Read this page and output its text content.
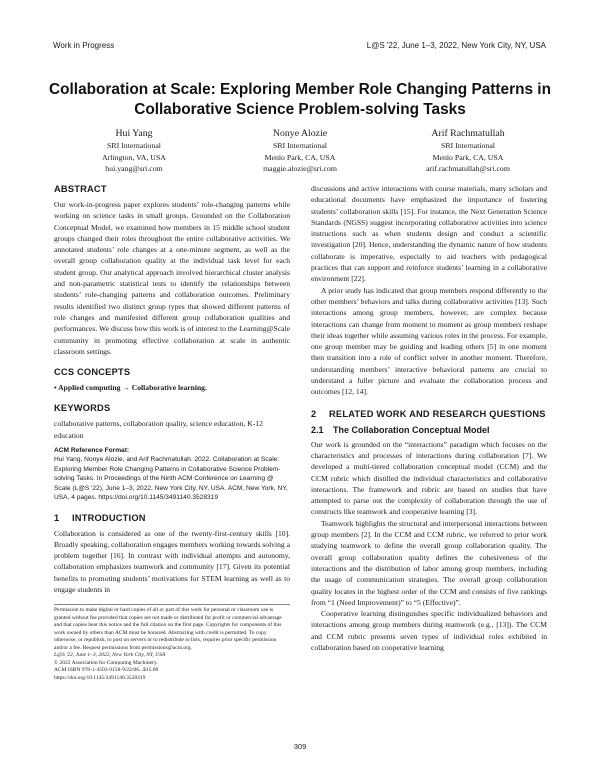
Work in Progress	L@S '22, June 1–3, 2022, New York City, NY, USA
Collaboration at Scale: Exploring Member Role Changing Patterns in Collaborative Science Problem-solving Tasks
Hui Yang
SRI International
Arlington, VA, USA
hui.yang@sri.com
Nonye Alozie
SRI International
Menlo Park, CA, USA
maggie.alozie@sri.com
Arif Rachmatullah
SRI International
Menlo Park, CA, USA
arif.rachmatullah@sri.com
ABSTRACT

Our work-in-progress paper explores students’ role-changing patterns while working on science tasks in small groups. Grounded on the Collaboration Conceptual Model, we examined how members in 15 middle school student groups changed their roles throughout the entire collaborative activities. We annotated students’ role changes at a one-minute segment, as well as the overall group collaboration quality at the individual task level for each student group. Our analytical approach involved hierarchical cluster analysis and non-parametric statistical tests to identify the relationships between students’ role-changing patterns and collaboration outcomes. Preliminary results identified two distinct group types that showed different patterns of role changes and manifested different group collaboration qualities and performances. We discuss how this work is of interest to the Learning@Scale community in promoting effective collaboration at scale in authentic classroom settings.

CCS CONCEPTS

• Applied computing → Collaborative learning.

KEYWORDS

collaborative patterns, collaboration quality, science education, K-12 education

ACM Reference Format:
Hui Yang, Nonye Alozie, and Arif Rachmatullah. 2022. Collaboration at Scale: Exploring Member Role Changing Patterns in Collaborative Science Problem-solving Tasks. In Proceedings of the Ninth ACM Conference on Learning @ Scale (L@S '22), June 1–3, 2022, New York City, NY, USA. ACM, New York, NY, USA, 4 pages. https://doi.org/10.1145/3491140.3528319
1	INTRODUCTION

Collaboration is considered as one of the twenty-first-century skills [10]. Broadly speaking, collaboration engages members working towards solving a problem together [16]. In contrast with individual attempts and autonomy, collaboration emphasizes teamwork and community [17]. Given its potential benefits to promoting students’ motivations for STEM learning as well as to engage students in

Permission to make digital or hard copies of all or part of this work for personal or classroom use is granted without fee provided that copies are not made or distributed for profit or commercial advantage and that copies bear this notice and the full citation on the first page. Copyrights for components of this work owned by others than ACM must be honored. Abstracting with credit is permitted. To copy otherwise, or republish, to post on servers or to redistribute to lists, requires prior specific permission and/or a fee. Request permissions from permissions@acm.org.
L@S '22, June 1–3, 2022, New York City, NY, USA
© 2022 Association for Computing Machinery.
ACM ISBN 978-1-4503-9158-9/22/06...$15.00
https://doi.org/10.1145/3491140.3528319

discussions and active interactions with course materials, many scholars and educational documents have emphasized the importance of fostering students’ collaboration skills [15]. For instance, the Next Generation Science Standards (NGSS) suggest incorporating collaborative activities into science instructions such as when students design and conduct a scientific investigation [20]. Hence, understanding the dynamic nature of how students collaborate is imperative, especially to aid teachers with pedagogical practices that can support and reinforce students’ learning in a collaborative environment [22].

A prior study has indicated that group members respond differently to the other members’ behaviors and talks during collaborative activities [13]. Such interactions among group members, however, are complex because interactions can change from moment to moment as group members reshape their ideas together while assuming various roles in the process. For example, one group member may be guiding and leading others [5] in one moment then transition into a role of conflict solver in another moment. Therefore, understanding members’ interactive behavioral patterns are crucial to understand a fuller picture and evaluate the collaboration process and outcomes [12, 14].

2	RELATED WORK AND RESEARCH QUESTIONS
2.1	The Collaboration Conceptual Model

Our work is grounded on the “interactions” paradigm which focuses on the characteristics and processes of interactions during collaboration [7]. We developed a multi-tiered collaboration conceptual model (CCM) and the CCM rubric which distilled the individual characteristics and collaborative interactions. The framework and rubric are based on studies that have attempted to parse out the complexity of collaboration through the use of constructs like teamwork and cooperative learning [3].

Teamwork highlights the structural and interpersonal interactions between group members [2]. In the CCM and CCM rubric, we referred to prior work studying teamwork to define the overall group collaboration quality. The overall group collaboration quality defines the cohesiveness of the interactions and the distribution of labor among group members, including the usage of communication strategies. The overall group collaboration quality locates in the highest order of the CCM and consists of five rankings from “1 (Need Improvement)” to “5 (Effective)”.

Cooperative learning distinguishes specific individualized behaviors and interactions among group members during teamwork (e.g., [13]). The CCM and CCM rubric presents seven types of individual roles exhibited in collaboration based on cooperative learning

309
